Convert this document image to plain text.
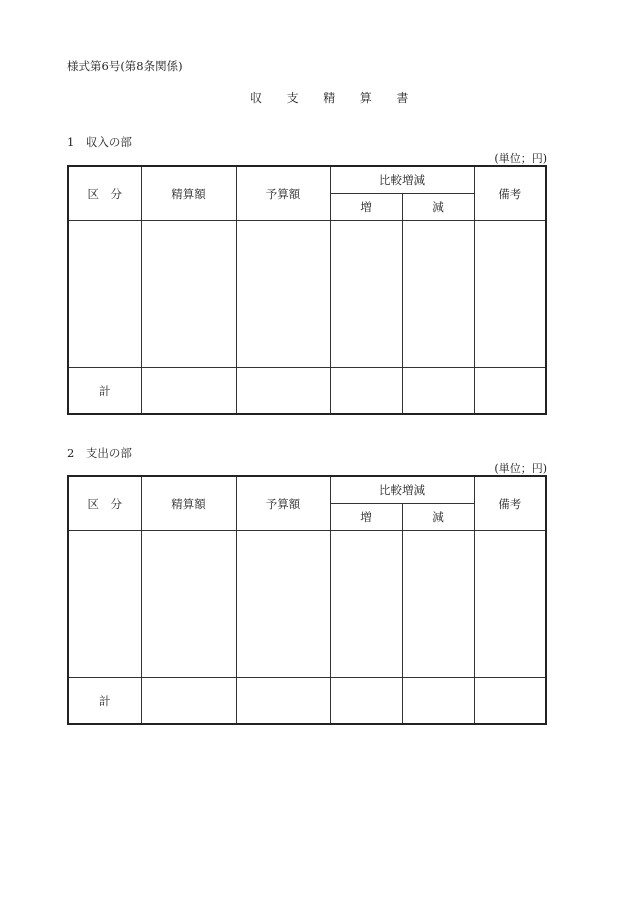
様式第6号(第8条関係)
収　　支　　精　　算　　書
1　収入の部
(単位；円)
区　分	精算額	予算額	比較増減		備考
			増	減	

計					
2　支出の部
(単位；円)
区　分	精算額	予算額	比較増減		備考
			増	減	

計					
